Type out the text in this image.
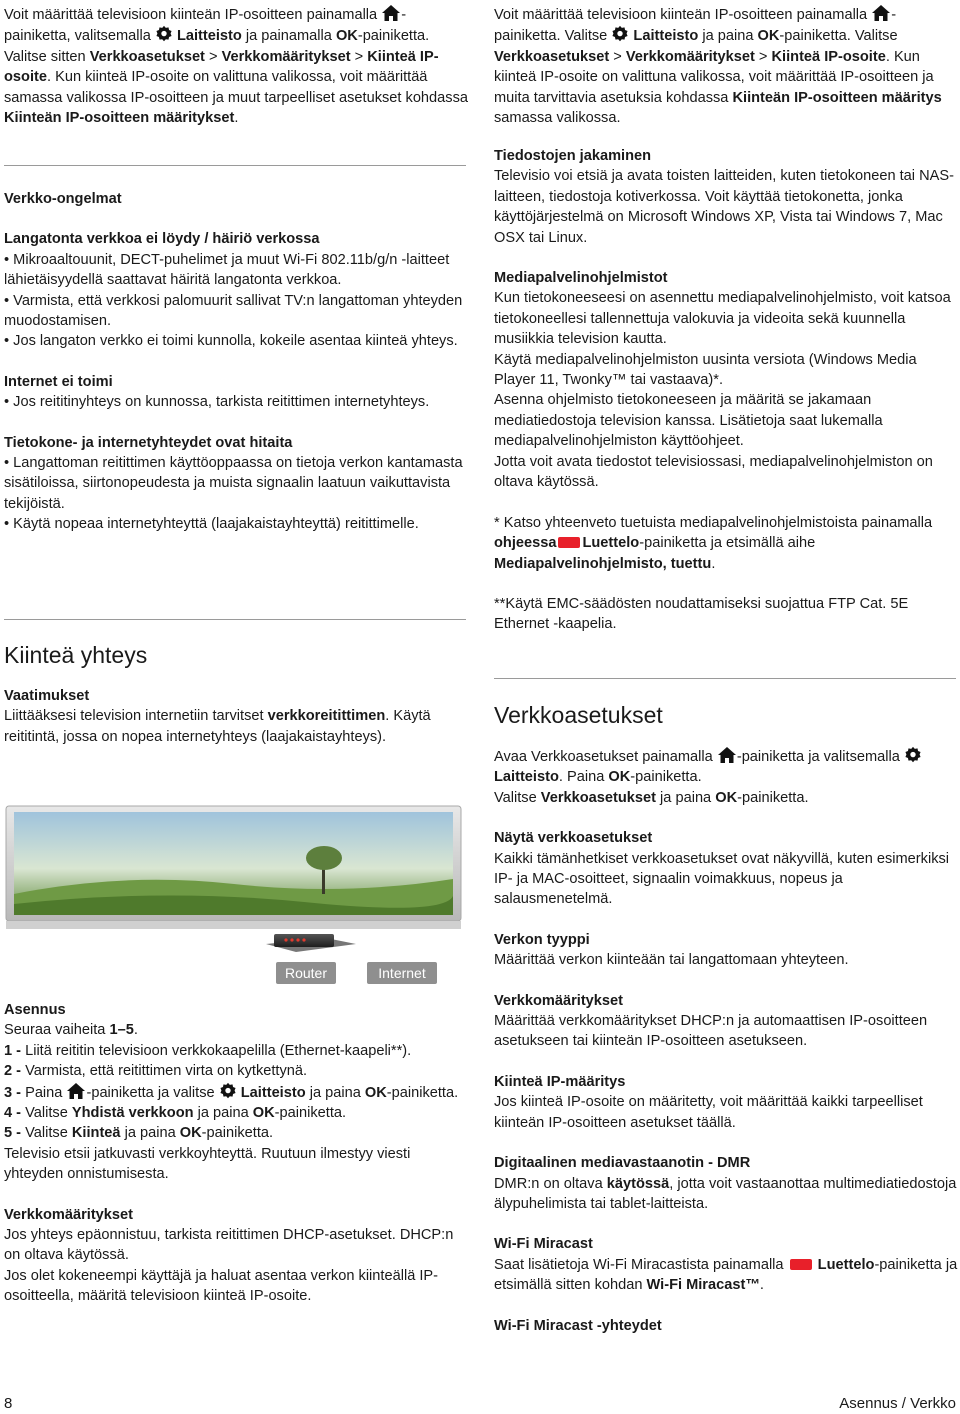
Voit määrittää televisioon kiinteän IP-osoitteen painamalla -painiketta, valitsemalla  Laitteisto ja painamalla OK-painiketta. Valitse sitten Verkkoasetukset > Verkkomääritykset > Kiinteä IP-osoite. Kun kiinteä IP-osoite on valittuna valikossa, voit määrittää samassa valikossa IP-osoitteen ja muut tarpeelliset asetukset kohdassa Kiinteän IP-osoitteen määritykset.

Verkko-ongelmat

Langatonta verkkoa ei löydy / häiriö verkossa

• Mikroaaltouunit, DECT-puhelimet ja muut Wi-Fi 802.11b/g/n -laitteet lähietäisyydellä saattavat häiritä langatonta verkkoa.

• Varmista, että verkkosi palomuurit sallivat TV:n langattoman yhteyden muodostamisen.

• Jos langaton verkko ei toimi kunnolla, kokeile asentaa kiinteä yhteys.

Internet ei toimi

• Jos reititinyhteys on kunnossa, tarkista reitittimen internetyhteys.

Tietokone- ja internetyhteydet ovat hitaita

• Langattoman reitittimen käyttöoppaassa on tietoja verkon kantamasta sisätiloissa, siirtonopeudesta ja muista signaalin laatuun vaikuttavista tekijöistä.

• Käytä nopeaa internetyhteyttä (laajakaistayhteyttä) reitittimelle.

Kiinteä yhteys

Vaatimukset

Liittääksesi television internetiin tarvitset verkkoreitittimen. Käytä reititintä, jossa on nopea internetyhteys (laajakaistayhteys).

Router	Internet

Asennus

Seuraa vaiheita 1–5.

1 - Liitä reititin televisioon verkkokaapelilla (Ethernet-kaapeli**).

2 - Varmista, että reitittimen virta on kytkettynä.

3 - Paina -painiketta ja valitse  Laitteisto ja paina OK-painiketta.

4 - Valitse Yhdistä verkkoon ja paina OK-painiketta.

5 - Valitse Kiinteä ja paina OK-painiketta.

Televisio etsii jatkuvasti verkkoyhteyttä. Ruutuun ilmestyy viesti yhteyden onnistumisesta.

Verkkomääritykset

Jos yhteys epäonnistuu, tarkista reitittimen DHCP-asetukset. DHCP:n on oltava käytössä.

Jos olet kokeneempi käyttäjä ja haluat asentaa verkon kiinteällä IP-osoitteella, määritä televisioon kiinteä IP-osoite.

Voit määrittää televisioon kiinteän IP-osoitteen painamalla -painiketta. Valitse  Laitteisto ja paina OK-painiketta. Valitse Verkkoasetukset > Verkkomääritykset > Kiinteä IP-osoite. Kun kiinteä IP-osoite on valittuna valikossa, voit määrittää IP-osoitteen ja muita tarvittavia asetuksia kohdassa Kiinteän IP-osoitteen määritys samassa valikossa.

Tiedostojen jakaminen

Televisio voi etsiä ja avata toisten laitteiden, kuten tietokoneen tai NAS-laitteen, tiedostoja kotiverkossa. Voit käyttää tietokonetta, jonka käyttöjärjestelmä on Microsoft Windows XP, Vista tai Windows 7, Mac OSX tai Linux.

Mediapalvelinohjelmistot

Kun tietokoneeseesi on asennettu mediapalvelinohjelmisto, voit katsoa tietokoneellesi tallennettuja valokuvia ja videoita sekä kuunnella musiikkia television kautta.

Käytä mediapalvelinohjelmiston uusinta versiota (Windows Media Player 11, Twonky™ tai vastaava)*.

Asenna ohjelmisto tietokoneeseen ja määritä se jakamaan mediatiedostoja television kanssa. Lisätietoja saat lukemalla mediapalvelinohjelmiston käyttöohjeet.

Jotta voit avata tiedostot televisiossasi, mediapalvelinohjelmiston on oltava käytössä.

* Katso yhteenveto tuetuista mediapalvelinohjelmistoista painamalla ohjeessa Luettelo-painiketta ja etsimällä aihe Mediapalvelinohjelmisto, tuettu.

**Käytä EMC-säädösten noudattamiseksi suojattua FTP Cat. 5E Ethernet -kaapelia.

Verkkoasetukset

Avaa Verkkoasetukset painamalla -painiketta ja valitsemalla  Laitteisto. Paina OK-painiketta.

Valitse Verkkoasetukset ja paina OK-painiketta.

Näytä verkkoasetukset

Kaikki tämänhetkiset verkkoasetukset ovat näkyvillä, kuten esimerkiksi IP- ja MAC-osoitteet, signaalin voimakkuus, nopeus ja salausmenetelmä.

Verkon tyyppi

Määrittää verkon kiinteään tai langattomaan yhteyteen.

Verkkomääritykset

Määrittää verkkomääritykset DHCP:n ja automaattisen IP-osoitteen asetukseen tai kiinteän IP-osoitteen asetukseen.

Kiinteä IP-määritys

Jos kiinteä IP-osoite on määritetty, voit määrittää kaikki tarpeelliset kiinteän IP-osoitteen asetukset täällä.

Digitaalinen mediavastaanotin - DMR

DMR:n on oltava käytössä, jotta voit vastaanottaa multimediatiedostoja älypuhelimista tai tablet-laitteista.

Wi-Fi Miracast

Saat lisätietoja Wi-Fi Miracastista painamalla  Luettelo-painiketta ja etsimällä sitten kohdan Wi-Fi Miracast™.

Wi-Fi Miracast -yhteydet

8	Asennus / Verkko
